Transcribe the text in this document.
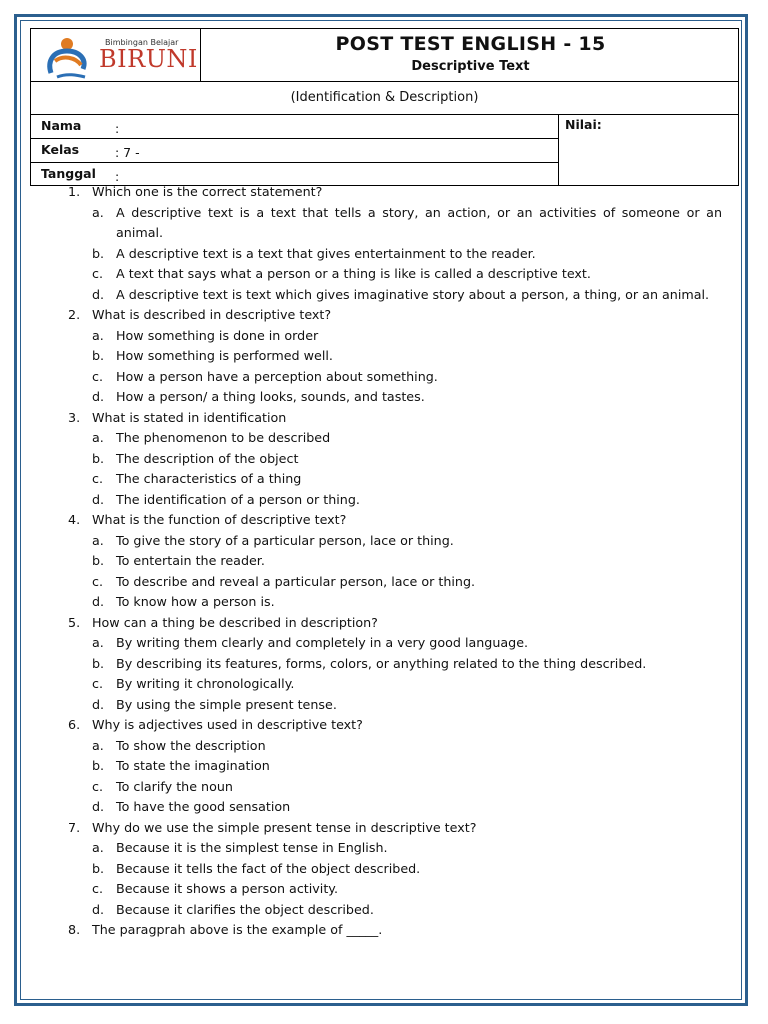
Bimbingan Belajar
BIRUNI
POST TEST ENGLISH - 15
Descriptive Text
(Identification & Description)
Nama	:
Kelas	: 7 -
Tanggal :
Nilai:
1. Which one is the correct statement?
a. A descriptive text is a text that tells a story, an action, or an activities of someone or an animal.
b. A descriptive text is a text that gives entertainment to the reader.
c. A text that says what a person or a thing is like is called a descriptive text.
d. A descriptive text is text which gives imaginative story about a person, a thing, or an animal.
2. What is described in descriptive text?
a. How something is done in order
b. How something is performed well.
c. How a person have a perception about something.
d. How a person/ a thing looks, sounds, and tastes.
3. What is stated in identification
a. The phenomenon to be described
b. The description of the object
c. The characteristics of a thing
d. The identification of a person or thing.
4. What is the function of descriptive text?
a. To give the story of a particular person, lace or thing.
b. To entertain the reader.
c. To describe and reveal a particular person, lace or thing.
d. To know how a person is.
5. How can a thing be described in description?
a. By writing them clearly and completely in a very good language.
b. By describing its features, forms, colors, or anything related to the thing described.
c. By writing it chronologically.
d. By using the simple present tense.
6. Why is adjectives used in descriptive text?
a. To show the description
b. To state the imagination
c. To clarify the noun
d. To have the good sensation
7. Why do we use the simple present tense in descriptive text?
a. Because it is the simplest tense in English.
b. Because it tells the fact of the object described.
c. Because it shows a person activity.
d. Because it clarifies the object described.
8. The paragprah above is the example of _____.
